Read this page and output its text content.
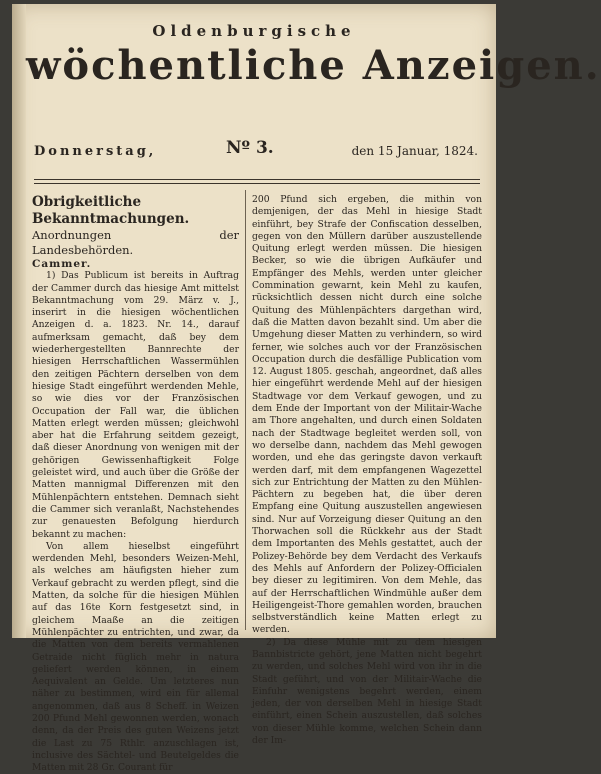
Oldenburgische
wöchentliche Anzeigen.
Donnerstag,	Nº 3.	den 15 Januar, 1824.

Obrigkeitliche Bekanntmachungen.

Anordnungen der Landesbehörden.

Cammer.

1) Das Publicum ist bereits in Auftrag der Cammer durch das hiesige Amt mittelst Bekanntmachung vom 29. März v. J., inserirt in die hiesigen wöchentlichen Anzeigen d. a. 1823. Nr. 14., darauf aufmerksam gemacht, daß bey dem wiederhergestellten Bannrechte der hiesigen Herrschaftlichen Wassermühlen den zeitigen Pächtern derselben von dem hiesige Stadt eingeführt werdenden Mehle, so wie dies vor der Französischen Occupation der Fall war, die üblichen Matten erlegt werden müssen; gleichwohl aber hat die Erfahrung seitdem gezeigt, daß dieser Anordnung von wenigen mit der gehörigen Gewissenhaftigkeit Folge geleistet wird, und auch über die Größe der Matten mannigmal Differenzen mit den Mühlenpächtern entstehen. Demnach sieht die Cammer sich veranlaßt, Nachstehendes zur genauesten Befolgung hierdurch bekannt zu machen:

Von allem hieselbst eingeführt werdenden Mehl, besonders Weizen-Mehl, als welches am häufigsten hieher zum Verkauf gebracht zu werden pflegt, sind die Matten, da solche für die hiesigen Mühlen auf das 16te Korn festgesetzt sind, in gleichem Maaße an die zeitigen Mühlenpächter zu entrichten, und zwar, da die Matten von dem bereits vermahlenen Getraide nicht füglich mehr in natura geliefert werden können, in einem Aequivalent an Gelde. Um letzteres nun näher zu bestimmen, wird ein für allemal angenommen, daß aus 8 Scheff. in Weizen 200 Pfund Mehl gewonnen werden, wonach denn, da der Preis des guten Weizens jetzt die Last zu 75 Rthlr. anzuschlagen ist, inclusive des Sächtel- und Beutelgeldes die Matten mit 28 Gr. Courant für

200 Pfund sich ergeben, die mithin von demjenigen, der das Mehl in hiesige Stadt einführt, bey Strafe der Confiscation desselben, gegen von den Müllern darüber auszustellende Quitung erlegt werden müssen. Die hiesigen Becker, so wie die übrigen Aufkäufer und Empfänger des Mehls, werden unter gleicher Commination gewarnt, kein Mehl zu kaufen, rücksichtlich dessen nicht durch eine solche Quitung des Mühlenpächters dargethan wird, daß die Matten davon bezahlt sind. Um aber die Umgehung dieser Matten zu verhindern, so wird ferner, wie solches auch vor der Französischen Occupation durch die desfällige Publication vom 12. August 1805. geschah, angeordnet, daß alles hier eingeführt werdende Mehl auf der hiesigen Stadtwage vor dem Verkauf gewogen, und zu dem Ende der Important von der Militair-Wache am Thore angehalten, und durch einen Soldaten nach der Stadtwage begleitet werden soll, von wo derselbe dann, nachdem das Mehl gewogen worden, und ehe das geringste davon verkauft werden darf, mit dem empfangenen Wagezettel sich zur Entrichtung der Matten zu den Mühlen-Pächtern zu begeben hat, die über deren Empfang eine Quitung auszustellen angewiesen sind. Nur auf Vorzeigung dieser Quitung an den Thorwachen soll die Rückkehr aus der Stadt dem Importanten des Mehls gestattet, auch der Polizey-Behörde bey dem Verdacht des Verkaufs des Mehls auf Anfordern der Polizey-Officialen bey dieser zu legitimiren. Von dem Mehle, das auf der Herrschaftlichen Windmühle außer dem Heiligengeist-Thore gemahlen worden, brauchen selbstverständlich keine Matten erlegt zu werden.

2) Da diese Mühle mit zu dem hiesigen Bannbistricte gehört, jene Matten nicht begehrt zu werden, und solches Mehl wird von ihr in die Stadt geführt, und von der Militair-Wache die Einfuhr wenigstens begehrt werden, einem jeden, der von derselben Mehl in hiesige Stadt einführt, einen Schein auszustellen, daß solches von dieser Mühle komme, welchen Schein dann der Im-
